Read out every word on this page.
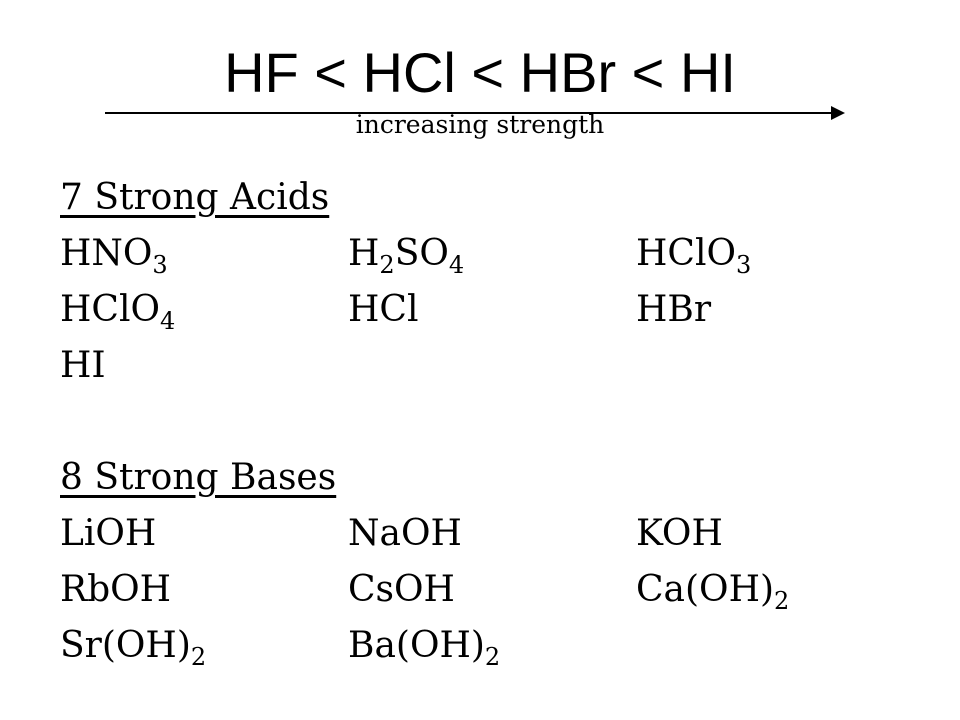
HF < HCl < HBr < HI
increasing strength
7 Strong Acids
$HNO_3$	$H_2SO_4$	HClO$_3$
HClO$_4$	HCl	HBr
HI
8 Strong Bases
LiOH	NaOH	KOH
RbOH	CsOH	$Ca(OH)_2$
$Sr(OH)_2$	$Ba(OH)_2$
